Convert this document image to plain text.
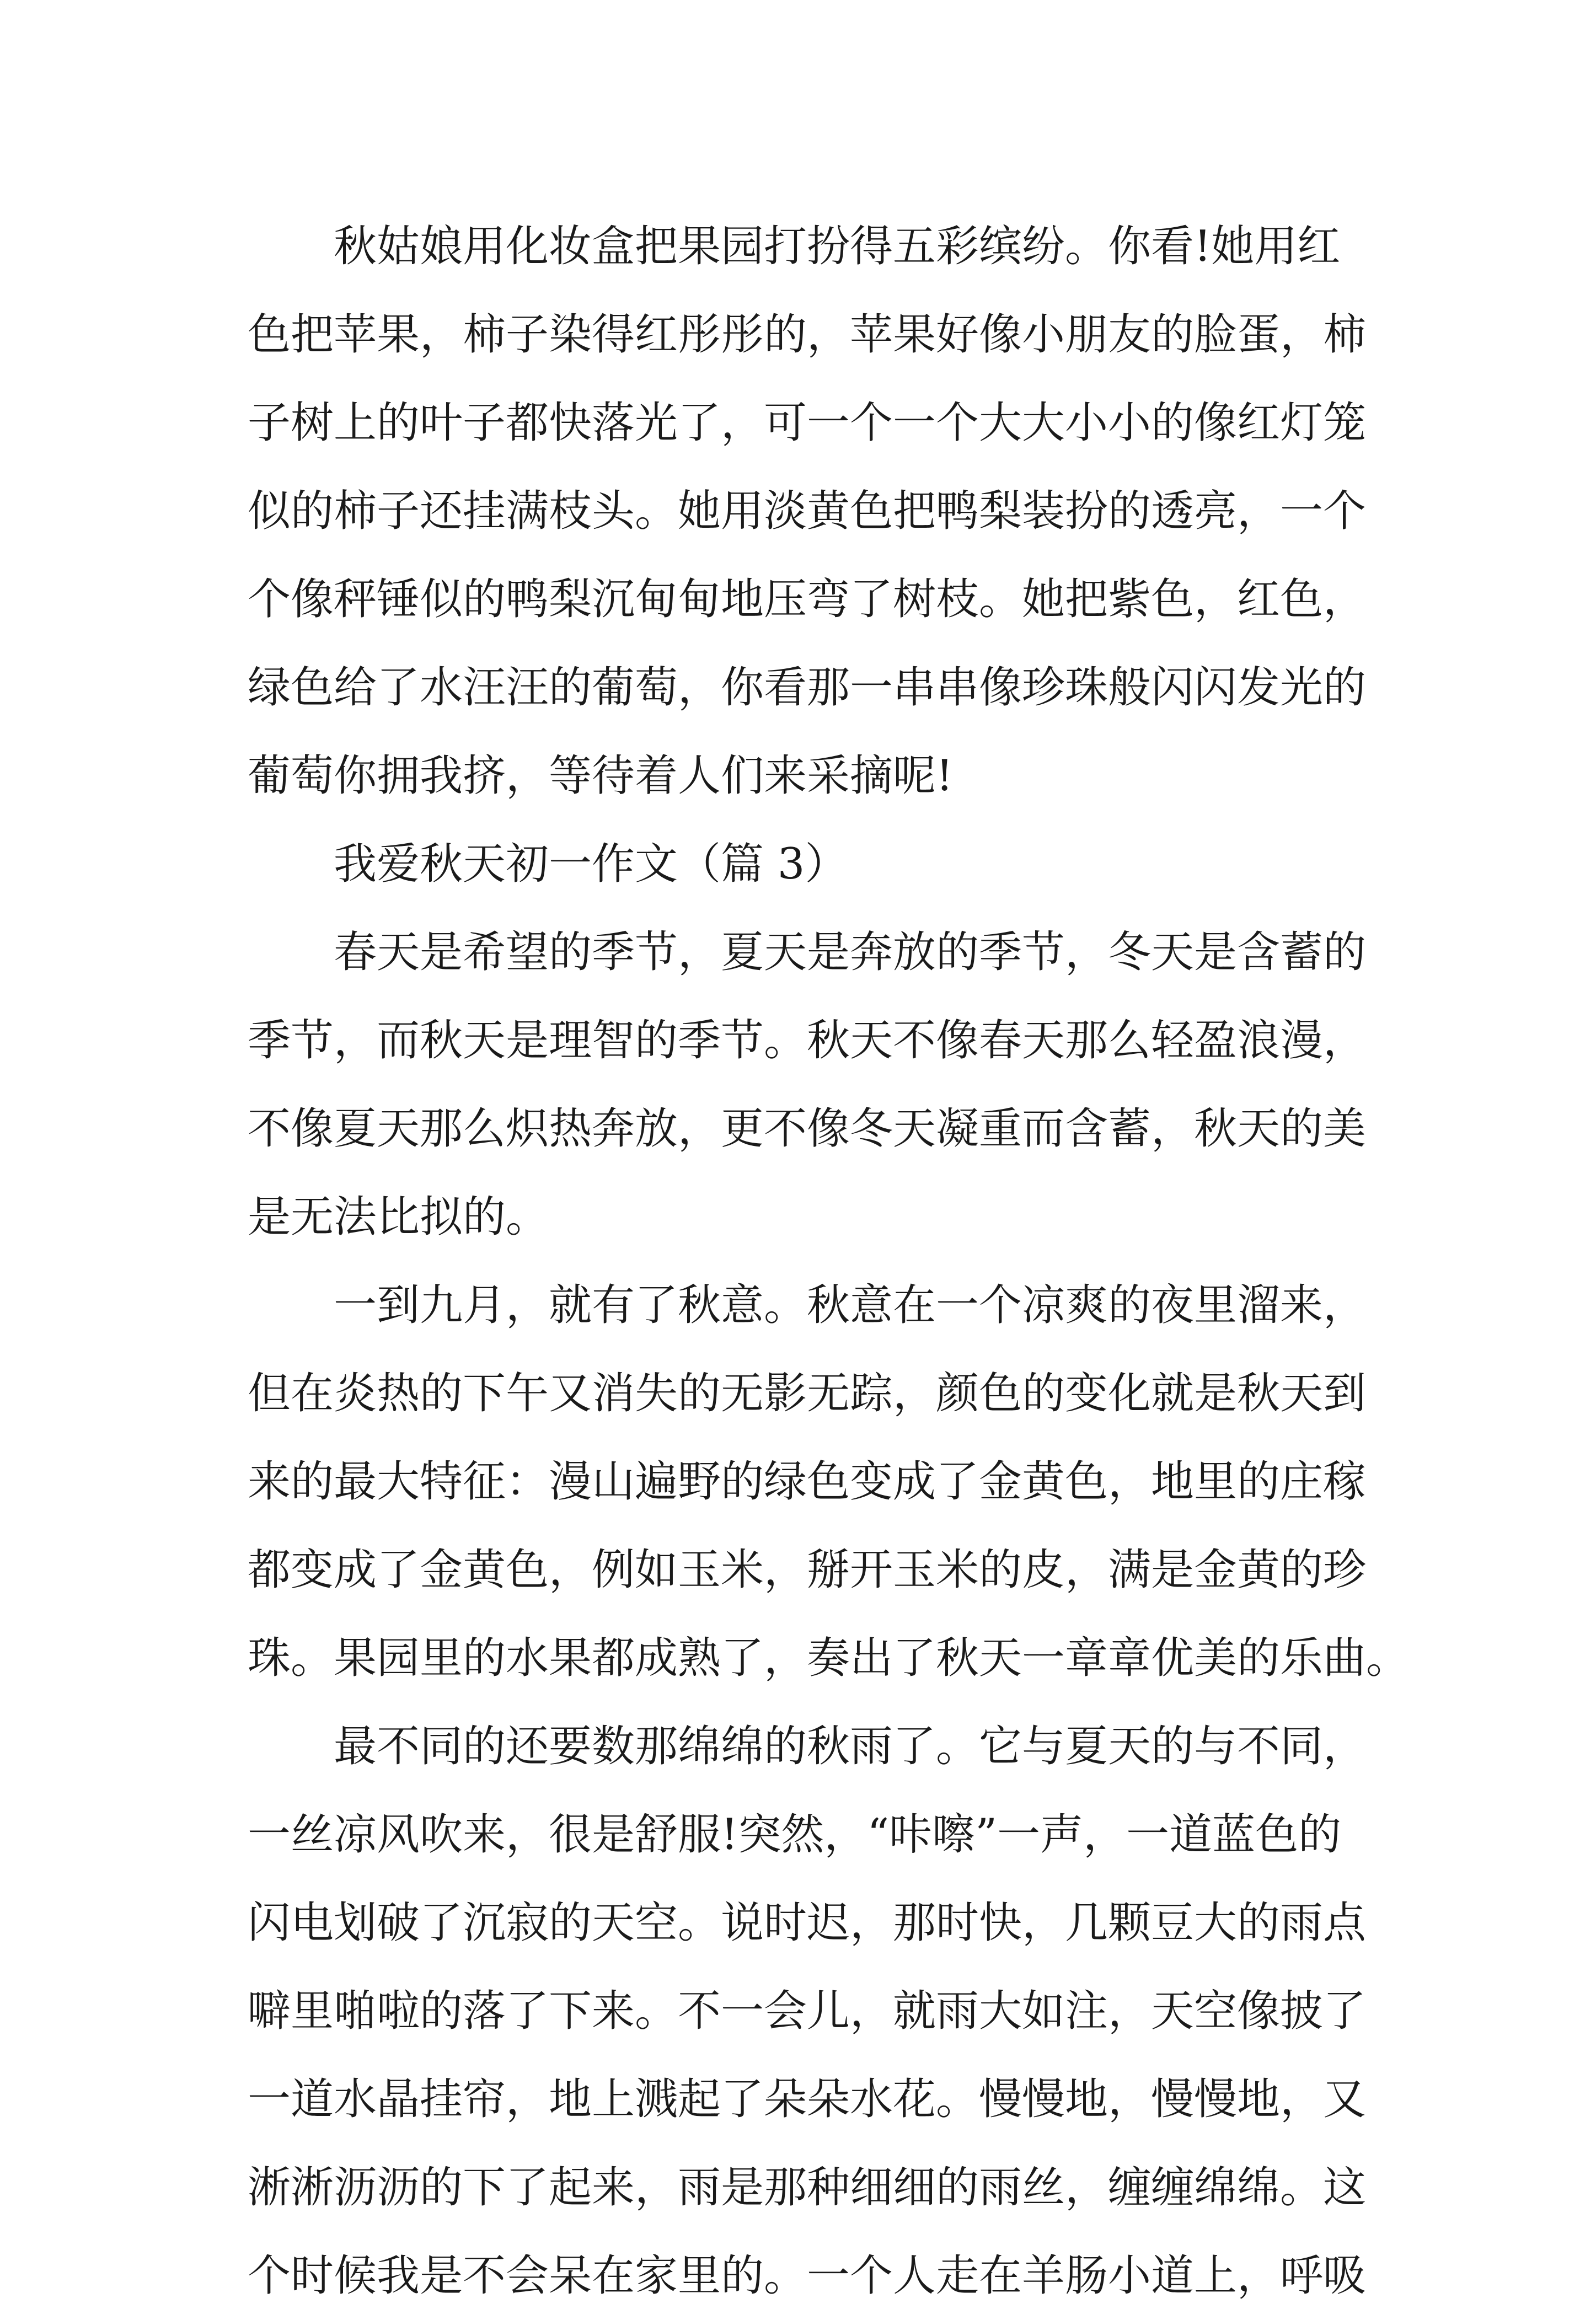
秋姑娘用化妆盒把果园打扮得五彩缤纷。你看!她用红
色把苹果，柿子染得红彤彤的，苹果好像小朋友的脸蛋，柿
子树上的叶子都快落光了，可一个一个大大小小的像红灯笼
似的柿子还挂满枝头。她用淡黄色把鸭梨装扮的透亮，一个
个像秤锤似的鸭梨沉甸甸地压弯了树枝。她把紫色，红色，
绿色给了水汪汪的葡萄，你看那一串串像珍珠般闪闪发光的
葡萄你拥我挤，等待着人们来采摘呢!
我爱秋天初一作文（篇 3）
春天是希望的季节，夏天是奔放的季节，冬天是含蓄的
季节，而秋天是理智的季节。秋天不像春天那么轻盈浪漫，
不像夏天那么炽热奔放，更不像冬天凝重而含蓄，秋天的美
是无法比拟的。
一到九月，就有了秋意。秋意在一个凉爽的夜里溜来，
但在炎热的下午又消失的无影无踪，颜色的变化就是秋天到
来的最大特征：漫山遍野的绿色变成了金黄色，地里的庄稼
都变成了金黄色，例如玉米，掰开玉米的皮，满是金黄的珍
珠。果园里的水果都成熟了，奏出了秋天一章章优美的乐曲。
最不同的还要数那绵绵的秋雨了。它与夏天的与不同，
一丝凉风吹来，很是舒服!突然，“咔嚓”一声，一道蓝色的
闪电划破了沉寂的天空。说时迟，那时快，几颗豆大的雨点
噼里啪啦的落了下来。不一会儿，就雨大如注，天空像披了
一道水晶挂帘，地上溅起了朵朵水花。慢慢地，慢慢地，又
淅淅沥沥的下了起来，雨是那种细细的雨丝，缠缠绵绵。这
个时候我是不会呆在家里的。一个人走在羊肠小道上，呼吸
